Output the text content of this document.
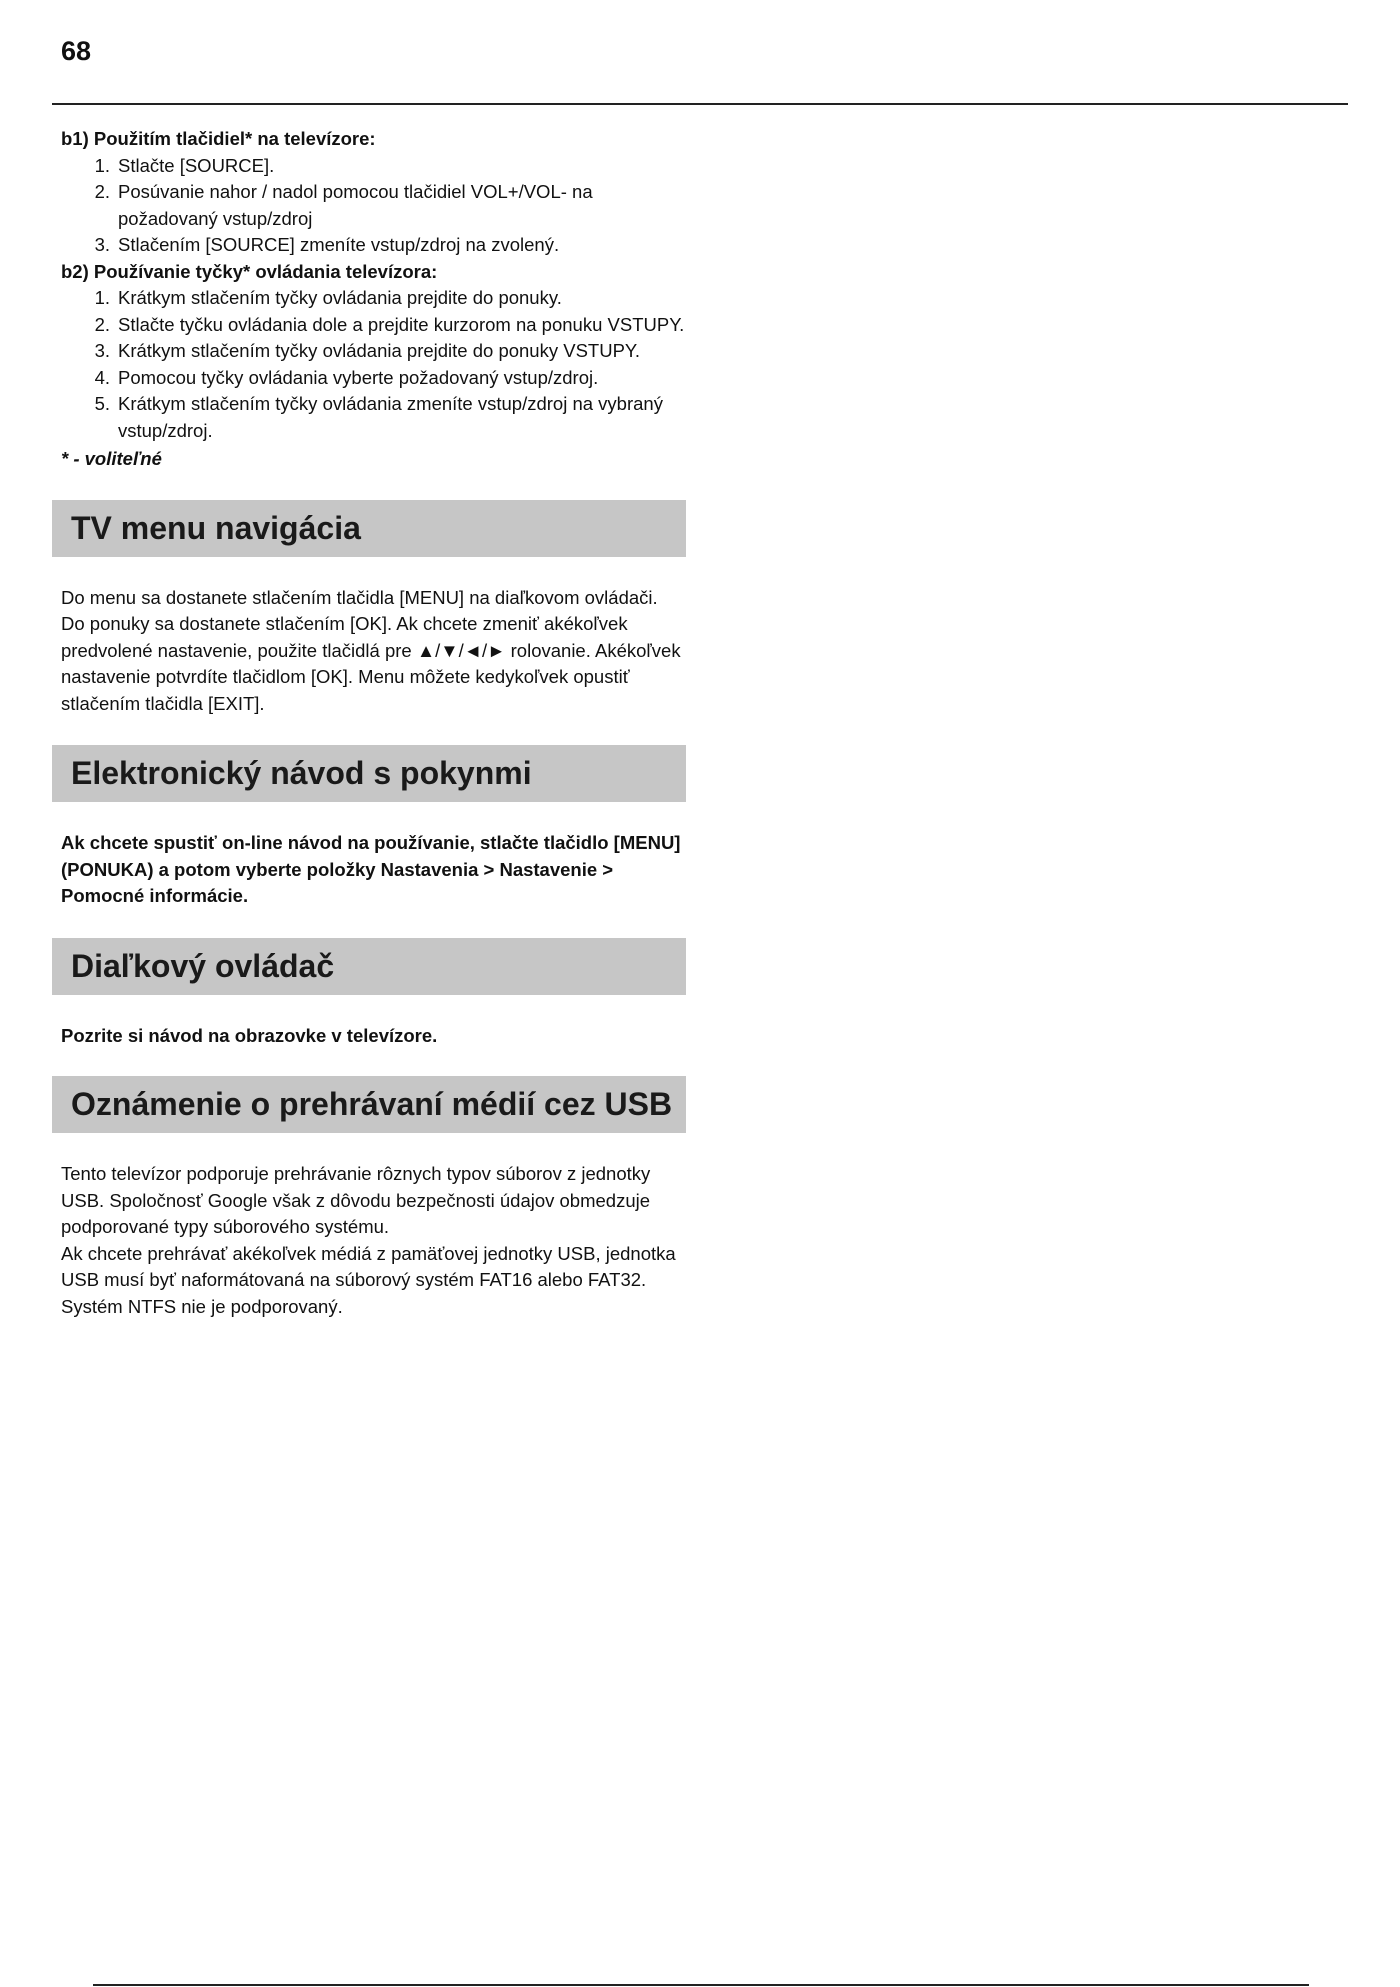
68
b1) Použitím tlačidiel* na televízore:
1. Stlačte [SOURCE].
2. Posúvanie nahor / nadol pomocou tlačidiel VOL+/VOL- na požadovaný vstup/zdroj
3. Stlačením [SOURCE] zmeníte vstup/zdroj na zvolený.
b2) Používanie tyčky* ovládania televízora:
1. Krátkym stlačením tyčky ovládania prejdite do ponuky.
2. Stlačte tyčku ovládania dole a prejdite kurzorom na ponuku VSTUPY.
3. Krátkym stlačením tyčky ovládania prejdite do ponuky VSTUPY.
4. Pomocou tyčky ovládania vyberte požadovaný vstup/zdroj.
5. Krátkym stlačením tyčky ovládania zmeníte vstup/zdroj na vybraný vstup/zdroj.
* - voliteľné
TV menu navigácia

Do menu sa dostanete stlačením tlačidla [MENU] na diaľkovom ovládači. Do ponuky sa dostanete stlačením [OK]. Ak chcete zmeniť akékoľvek predvolené nastavenie, použite tlačidlá pre ▲/▼/◄/► rolovanie. Akékoľvek nastavenie potvrdíte tlačidlom [OK]. Menu môžete kedykoľvek opustiť stlačením tlačidla [EXIT].

Elektronický návod s pokynmi

Ak chcete spustiť on-line návod na používanie, stlačte tlačidlo [MENU] (PONUKA) a potom vyberte položky Nastavenia > Nastavenie > Pomocné informácie.

Diaľkový ovládač

Pozrite si návod na obrazovke v televízore.

Oznámenie o prehrávaní médií cez USB

Tento televízor podporuje prehrávanie rôznych typov súborov z jednotky USB. Spoločnosť Google však z dôvodu bezpečnosti údajov obmedzuje podporované typy súborového systému.

Ak chcete prehrávať akékoľvek médiá z pamäťovej jednotky USB, jednotka USB musí byť naformátovaná na súborový systém FAT16 alebo FAT32. Systém NTFS nie je podporovaný.
